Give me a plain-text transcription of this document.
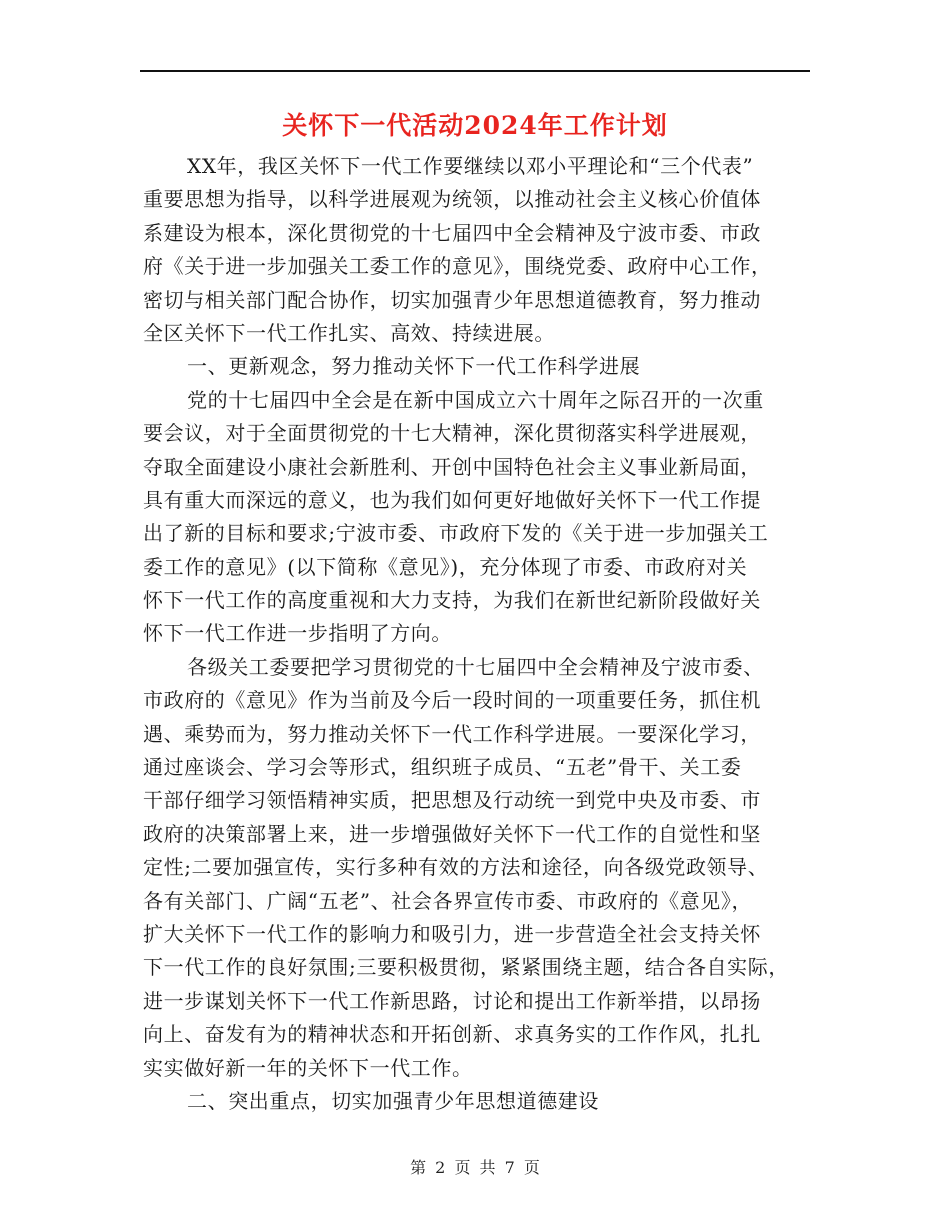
关怀下一代活动2024年工作计划
XX年，我区关怀下一代工作要继续以邓小平理论和“三个代表”
重要思想为指导，以科学进展观为统领，以推动社会主义核心价值体
系建设为根本，深化贯彻党的十七届四中全会精神及宁波市委、市政
府《关于进一步加强关工委工作的意见》，围绕党委、政府中心工作，
密切与相关部门配合协作，切实加强青少年思想道德教育，努力推动
全区关怀下一代工作扎实、高效、持续进展。
一、更新观念，努力推动关怀下一代工作科学进展
党的十七届四中全会是在新中国成立六十周年之际召开的一次重
要会议，对于全面贯彻党的十七大精神，深化贯彻落实科学进展观，
夺取全面建设小康社会新胜利、开创中国特色社会主义事业新局面，
具有重大而深远的意义，也为我们如何更好地做好关怀下一代工作提
出了新的目标和要求;宁波市委、市政府下发的《关于进一步加强关工
委工作的意见》(以下简称《意见》)，充分体现了市委、市政府对关
怀下一代工作的高度重视和大力支持，为我们在新世纪新阶段做好关
怀下一代工作进一步指明了方向。
各级关工委要把学习贯彻党的十七届四中全会精神及宁波市委、
市政府的《意见》作为当前及今后一段时间的一项重要任务，抓住机
遇、乘势而为，努力推动关怀下一代工作科学进展。一要深化学习，
通过座谈会、学习会等形式，组织班子成员、“五老”骨干、关工委
干部仔细学习领悟精神实质，把思想及行动统一到党中央及市委、市
政府的决策部署上来，进一步增强做好关怀下一代工作的自觉性和坚
定性;二要加强宣传，实行多种有效的方法和途径，向各级党政领导、
各有关部门、广阔“五老”、社会各界宣传市委、市政府的《意见》，
扩大关怀下一代工作的影响力和吸引力，进一步营造全社会支持关怀
下一代工作的良好氛围;三要积极贯彻，紧紧围绕主题，结合各自实际，
进一步谋划关怀下一代工作新思路，讨论和提出工作新举措，以昂扬
向上、奋发有为的精神状态和开拓创新、求真务实的工作作风，扎扎
实实做好新一年的关怀下一代工作。
二、突出重点，切实加强青少年思想道德建设
第 2 页 共 7 页
